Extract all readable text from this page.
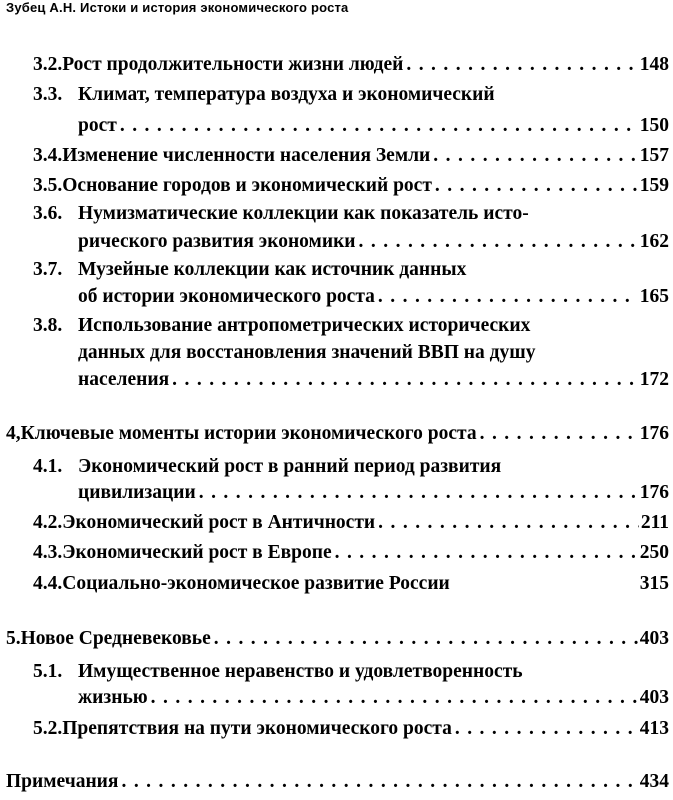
Зубец А.Н. Истоки и история экономического роста
3.2. Рост продолжительности жизни людей . . .	148
3.3. Климат, температура воздуха и экономический
рост . . .	150
3.4. Изменение численности населения Земли . . .	157
3.5. Основание городов и экономический рост . . .	159
3.6. Нумизматические коллекции как показатель исто-
рического развития экономики . . .	162
3.7. Музейные коллекции как источник данных
об истории экономического роста . . .	165
3.8. Использование антропометрических исторических
данных для восстановления значений ВВП на душу
населения . . .	172
4, Ключевые моменты истории экономического роста . . .	176
4.1. Экономический рост в ранний период развития
цивилизации . . .	176
4.2. Экономический рост в Античности . . .	211
4.3. Экономический рост в Европе . . .	250
4.4. Социально-экономическое развитие России	315
5. Новое Средневековье . . .	403
5.1. Имущественное неравенство и удовлетворенность
жизнью . . .	403
5.2. Препятствия на пути экономического роста . . .	413
Примечания . . .	434
